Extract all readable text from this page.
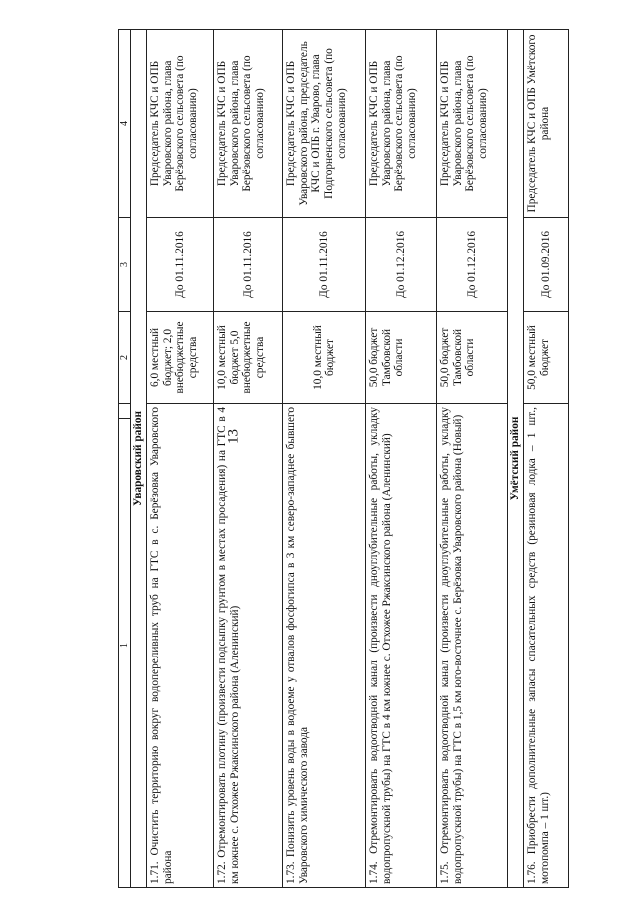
13
1	2	3	4
Уваровский район			
1.71. Очистить территорию вокруг водопереливных труб на ГТС в с. Берёзовка Уваровского района	6,0 местный бюджет; 2,0 внебюджетные средства	До 01.11.2016	Председатель КЧС и ОПБ Уваровского района, глава Берёзовского сельсовета (по согласованию)
1.72. Отремонтировать плотину (произвести подсыпку грунтом в местах просадения) на ГТС в 4 км южнее с. Отхожее Ржаксинского района (Аленинский)	10,0 местный бюджет 5,0 внебюджетные средства	До 01.11.2016	Председатель КЧС и ОПБ Уваровского района, глава Берёзовского сельсовета (по согласованию)
1.73. Понизить уровень воды в водоеме у отвалов фосфогипса в 3 км северо-западнее бывшего Уваровского химического завода	10,0 местный бюджет	До 01.11.2016	Председатель КЧС и ОПБ Уваровского района, председатель КЧС и ОПБ г. Уварово, глава Подгорненского сельсовета (по согласованию)
1.74. Отремонтировать водоотводной канал (произвести дноуглубительные работы, укладку водопропускной трубы) на ГТС в 4 км южнее с. Отхожее Ржаксинского района (Аленинский)	50,0 бюджет Тамбовской области	До 01.12.2016	Председатель КЧС и ОПБ Уваровского района, глава Берёзовского сельсовета (по согласованию)
1.75. Отремонтировать водоотводной канал (произвести дноуглубительные работы, укладку водопропускной трубы) на ГТС в 1,5 км юго-восточнее с. Берёзовка Уваровского района (Новый)	50,0 бюджет Тамбовской области	До 01.12.2016	Председатель КЧС и ОПБ Уваровского района, глава Берёзовского сельсовета (по согласованию)
Умётский район			
1.76. Приобрести дополнительные запасы спасательных средств (резиновая лодка – 1 шт., мотопомпа – 1 шт.)	50,0 местный бюджет	До 01.09.2016	Председатель КЧС и ОПБ Умётского района
